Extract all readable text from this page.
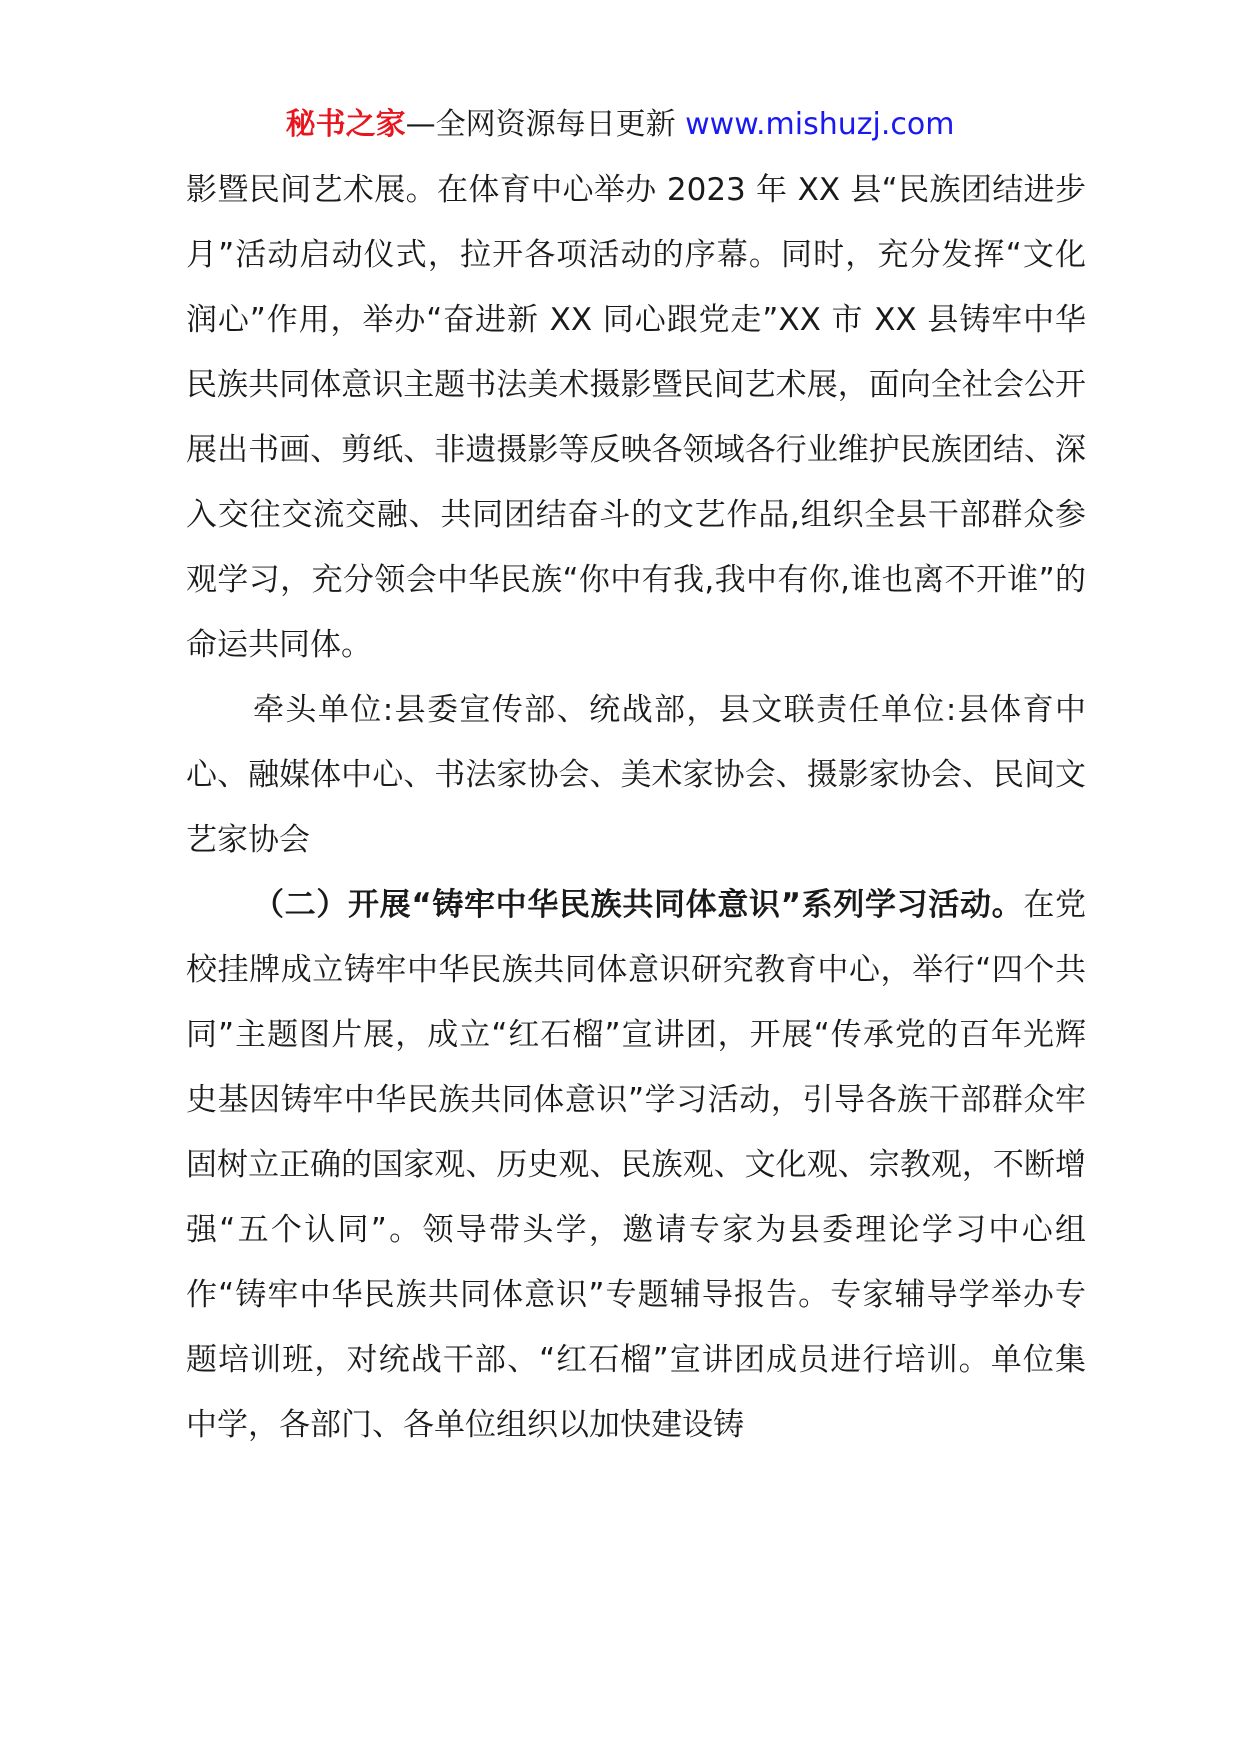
秘书之家—全网资源每日更新 www.mishuzj.com

影暨民间艺术展。在体育中心举办 2023 年 XX 县“民族团结进步月”活动启动仪式，拉开各项活动的序幕。同时，充分发挥“文化润心”作用，举办“奋进新 XX 同心跟党走”XX 市 XX 县铸牢中华民族共同体意识主题书法美术摄影暨民间艺术展，面向全社会公开展出书画、剪纸、非遗摄影等反映各领域各行业维护民族团结、深入交往交流交融、共同团结奋斗的文艺作品,组织全县干部群众参观学习，充分领会中华民族“你中有我,我中有你,谁也离不开谁”的命运共同体。

牵头单位:县委宣传部、统战部，县文联责任单位:县体育中心、融媒体中心、书法家协会、美术家协会、摄影家协会、民间文艺家协会

（二）开展“铸牢中华民族共同体意识”系列学习活动。在党校挂牌成立铸牢中华民族共同体意识研究教育中心，举行“四个共同”主题图片展，成立“红石榴”宣讲团，开展“传承党的百年光辉史基因铸牢中华民族共同体意识”学习活动，引导各族干部群众牢固树立正确的国家观、历史观、民族观、文化观、宗教观，不断增强“五个认同”。领导带头学，邀请专家为县委理论学习中心组作“铸牢中华民族共同体意识”专题辅导报告。专家辅导学举办专题培训班，对统战干部、“红石榴”宣讲团成员进行培训。单位集中学，各部门、各单位组织以加快建设铸
